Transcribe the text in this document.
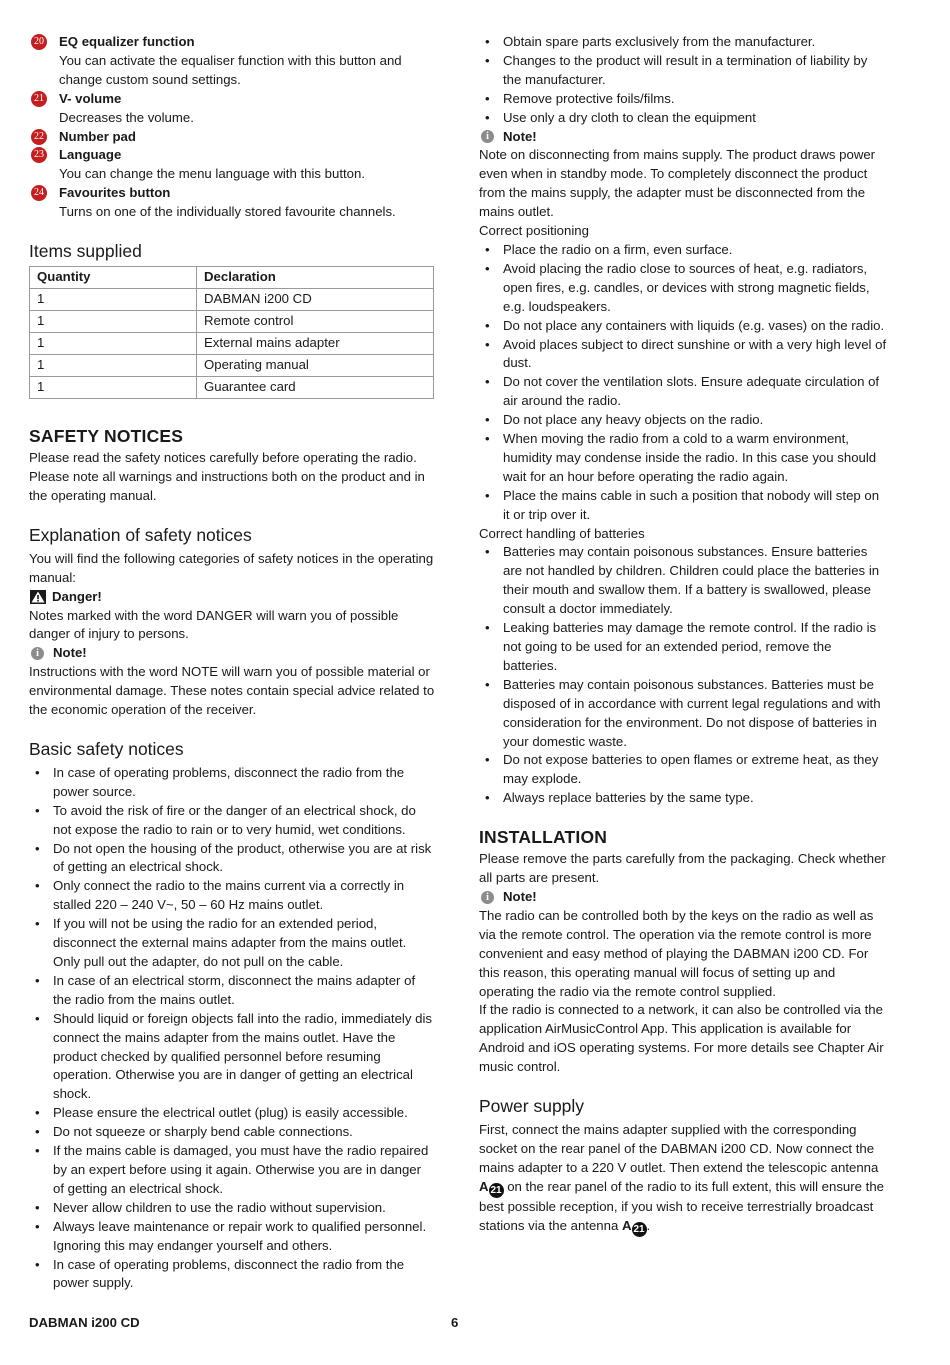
20 EQ equalizer function
You can activate the equaliser function with this button and change custom sound settings.
21 V- volume
Decreases the volume.
22 Number pad
23 Language
You can change the menu language with this button.
24 Favourites button
Turns on one of the individually stored favourite channels.
Items supplied
Quantity	Declaration
1	DABMAN i200 CD
1	Remote control
1	External mains adapter
1	Operating manual
1	Guarantee card
SAFETY NOTICES

Please read the safety notices carefully before operating the radio. Please note all warnings and instructions both on the product and in the operating manual.

Explanation of safety notices

You will find the following categories of safety notices in the operating manual:

Danger!

Notes marked with the word DANGER will warn you of possible danger of injury to persons.

i	Note!

Instructions with the word NOTE will warn you of possible material or environmental damage. These notes contain special advice related to the economic operation of the receiver.

Basic safety notices
• In case of operating problems, disconnect the radio from the power source.
• To avoid the risk of fire or the danger of an electrical shock, do not expose the radio to rain or to very humid, wet conditions.
• Do not open the housing of the product, otherwise you are at risk of getting an electrical shock.
• Only connect the radio to the mains current via a correctly in stalled 220 – 240 V~, 50 – 60 Hz mains outlet.
• If you will not be using the radio for an extended period, disconnect the external mains adapter from the mains outlet. Only pull out the adapter, do not pull on the cable.
• In case of an electrical storm, disconnect the mains adapter of the radio from the mains outlet.
• Should liquid or foreign objects fall into the radio, immediately dis connect the mains adapter from the mains outlet. Have the product checked by qualified personnel before resuming operation. Otherwise you are in danger of getting an electrical shock.
• Please ensure the electrical outlet (plug) is easily accessible.
• Do not squeeze or sharply bend cable connections.
• If the mains cable is damaged, you must have the radio repaired by an expert before using it again. Otherwise you are in danger of getting an electrical shock.
• Never allow children to use the radio without supervision.
• Always leave maintenance or repair work to qualified personnel. Ignoring this may endanger yourself and others.
• In case of operating problems, disconnect the radio from the power supply.
• Obtain spare parts exclusively from the manufacturer.
• Changes to the product will result in a termination of liability by the manufacturer.
• Remove protective foils/films.
• Use only a dry cloth to clean the equipment
i	Note!

Note on disconnecting from mains supply. The product draws power even when in standby mode. To completely disconnect the product from the mains supply, the adapter must be disconnected from the mains outlet.

Correct positioning

• Place the radio on a firm, even surface.
• Avoid placing the radio close to sources of heat, e.g. radiators, open fires, e.g. candles, or devices with strong magnetic fields, e.g. loudspeakers.
• Do not place any containers with liquids (e.g. vases) on the radio.
• Avoid places subject to direct sunshine or with a very high level of dust.
• Do not cover the ventilation slots. Ensure adequate circulation of air around the radio.
• Do not place any heavy objects on the radio.
• When moving the radio from a cold to a warm environment, humidity may condense inside the radio. In this case you should wait for an hour before operating the radio again.
• Place the mains cable in such a position that nobody will step on it or trip over it.

Correct handling of batteries

• Batteries may contain poisonous substances. Ensure batteries are not handled by children. Children could place the batteries in their mouth and swallow them. If a battery is swallowed, please consult a doctor immediately.
• Leaking batteries may damage the remote control. If the radio is not going to be used for an extended period, remove the batteries.
• Batteries may contain poisonous substances. Batteries must be disposed of in accordance with current legal regulations and with consideration for the environment. Do not dispose of batteries in your domestic waste.
• Do not expose batteries to open flames or extreme heat, as they may explode.
• Always replace batteries by the same type.
INSTALLATION

Please remove the parts carefully from the packaging. Check whether all parts are present.

i	Note!

The radio can be controlled both by the keys on the radio as well as via the remote control. The operation via the remote control is more convenient and easy method of playing the DABMAN i200 CD. For this reason, this operating manual will focus of setting up and operating the radio via the remote control supplied.

If the radio is connected to a network, it can also be controlled via the application AirMusicControl App. This application is available for Android and iOS operating systems. For more details see Chapter Air music control.

Power supply

First, connect the mains adapter supplied with the corresponding socket on the rear panel of the DABMAN i200 CD. Now connect the mains adapter to a 220 V outlet. Then extend the telescopic antenna A 21 on the rear panel of the radio to its full extent, this will ensure the best possible reception, if you wish to receive terrestrially broadcast stations via the antenna A 21 .

DABMAN i200 CD	6
